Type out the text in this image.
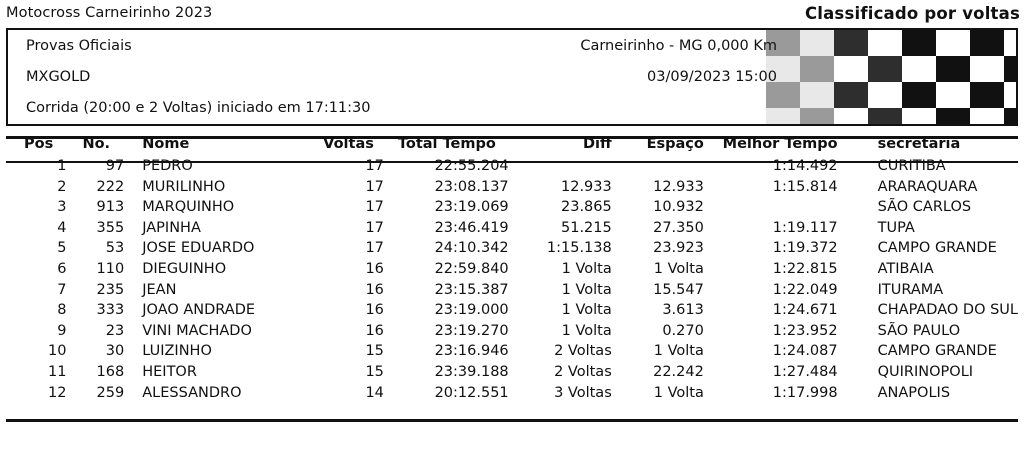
Motocross Carneirinho 2023	Classificado por voltas
Provas Oficiais	Carneirinho - MG 0,000 Km
MXGOLD	03/09/2023 15:00
Corrida (20:00 e 2 Voltas) iniciado em 17:11:30
Pos	No.	Nome	Voltas	Total Tempo	Diff	Espaço	Melhor Tempo	secretaria
1	97	PEDRO	17	22:55.204			1:14.492	CURITIBA
2	222	MURILINHO	17	23:08.137	12.933	12.933	1:15.814	ARARAQUARA
3	913	MARQUINHO	17	23:19.069	23.865	10.932		SÃO CARLOS
4	355	JAPINHA	17	23:46.419	51.215	27.350	1:19.117	TUPA
5	53	JOSE EDUARDO	17	24:10.342	1:15.138	23.923	1:19.372	CAMPO GRANDE
6	110	DIEGUINHO	16	22:59.840	1 Volta	1 Volta	1:22.815	ATIBAIA
7	235	JEAN	16	23:15.387	1 Volta	15.547	1:22.049	ITURAMA
8	333	JOAO ANDRADE	16	23:19.000	1 Volta	3.613	1:24.671	CHAPADAO DO SUL
9	23	VINI MACHADO	16	23:19.270	1 Volta	0.270	1:23.952	SÃO PAULO
10	30	LUIZINHO	15	23:16.946	2 Voltas	1 Volta	1:24.087	CAMPO GRANDE
11	168	HEITOR	15	23:39.188	2 Voltas	22.242	1:27.484	QUIRINOPOLI
12	259	ALESSANDRO	14	20:12.551	3 Voltas	1 Volta	1:17.998	ANAPOLIS
